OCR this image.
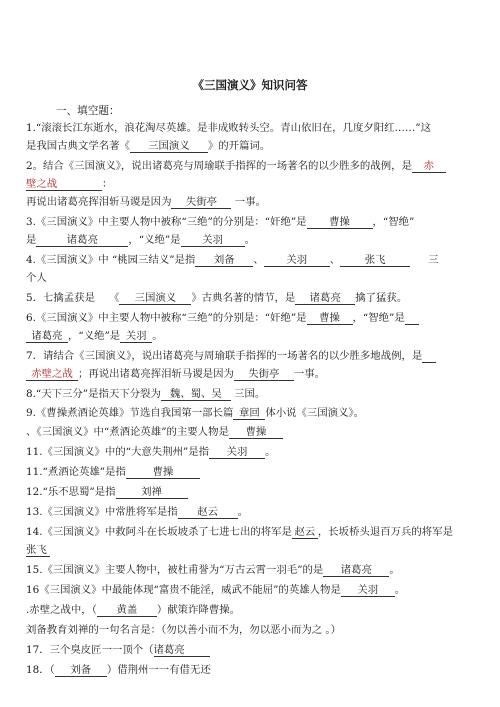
《三国演义》知识问答
一、填空题：
1.“滚滚长江东逝水，浪花淘尽英雄。是非成败转头空。青山依旧在，几度夕阳红……”这
是我国古典文学名著《 三国演义 》的开篇词。
2。结合《三国演义》，说出诸葛亮与周瑜联手指挥的一场著名的以少胜多的战例，是 赤
壁之战	：
再说出诸葛亮挥泪斩马谡是因为 失街亭 一事。
3.《三国演义》中主要人物中被称“三绝”的分别是：“奸绝”是 曹操 ，“智绝”
是	诸葛亮	，“义绝”是 关羽 。
4.《三国演义》中 “桃园三结义”是指 刘备 、 关羽 、 张飞	三
个人
5．七擒孟获是 《 三国演义 》古典名著的情节，是 诸葛亮 擒了猛获。
6.《三国演义》中主要人物中被称“三绝”的分别是：“奸绝”是 曹操 ，“智绝”是
诸葛亮 ，“义绝”是 关羽 。
7．请结合《三国演义》，说出诸葛亮与周瑜联手指挥的一场著名的以少胜多地战例，是
赤壁之战 ；再说出诸葛亮挥泪斩马谡是因为 失街亭 一事。
8.“天下三分”是指天下分裂为 魏、蜀、吴 三国。
9.《曹操煮酒论英雄》节选自我国第一部长篇 章回 体小说《三国演义》。
、《三国演义》中“煮酒论英雄”的主要人物是 曹操
11.《三国演义》中的“大意失荆州”是指 关羽 。
11.“煮酒论英雄”是指	曹操
12.“乐不思蜀”是指 刘禅
13.《三国演义》中常胜将军是指 赵云 。
14.《三国演义》中救阿斗在长坂坡杀了七进七出的将军是 赵云 ，长坂桥头退百万兵的将军是
张飞
15.《三国演义》主要人物中，被杜甫誉为“万古云霄一羽毛”的是 诸葛亮 。
16《三国演义》中最能体现“富贵不能淫，威武不能屈”的英雄人物是 关羽 。
.赤壁之战中，（ 黄盖 ）献策诈降曹操。
刘备教育刘禅的一句名言是：（勿以善小而不为，勿以恶小而为之 。）
17．三个臭皮匠一一顶个（诸葛亮
18．（ 刘备 ）借荆州一一有借无还
